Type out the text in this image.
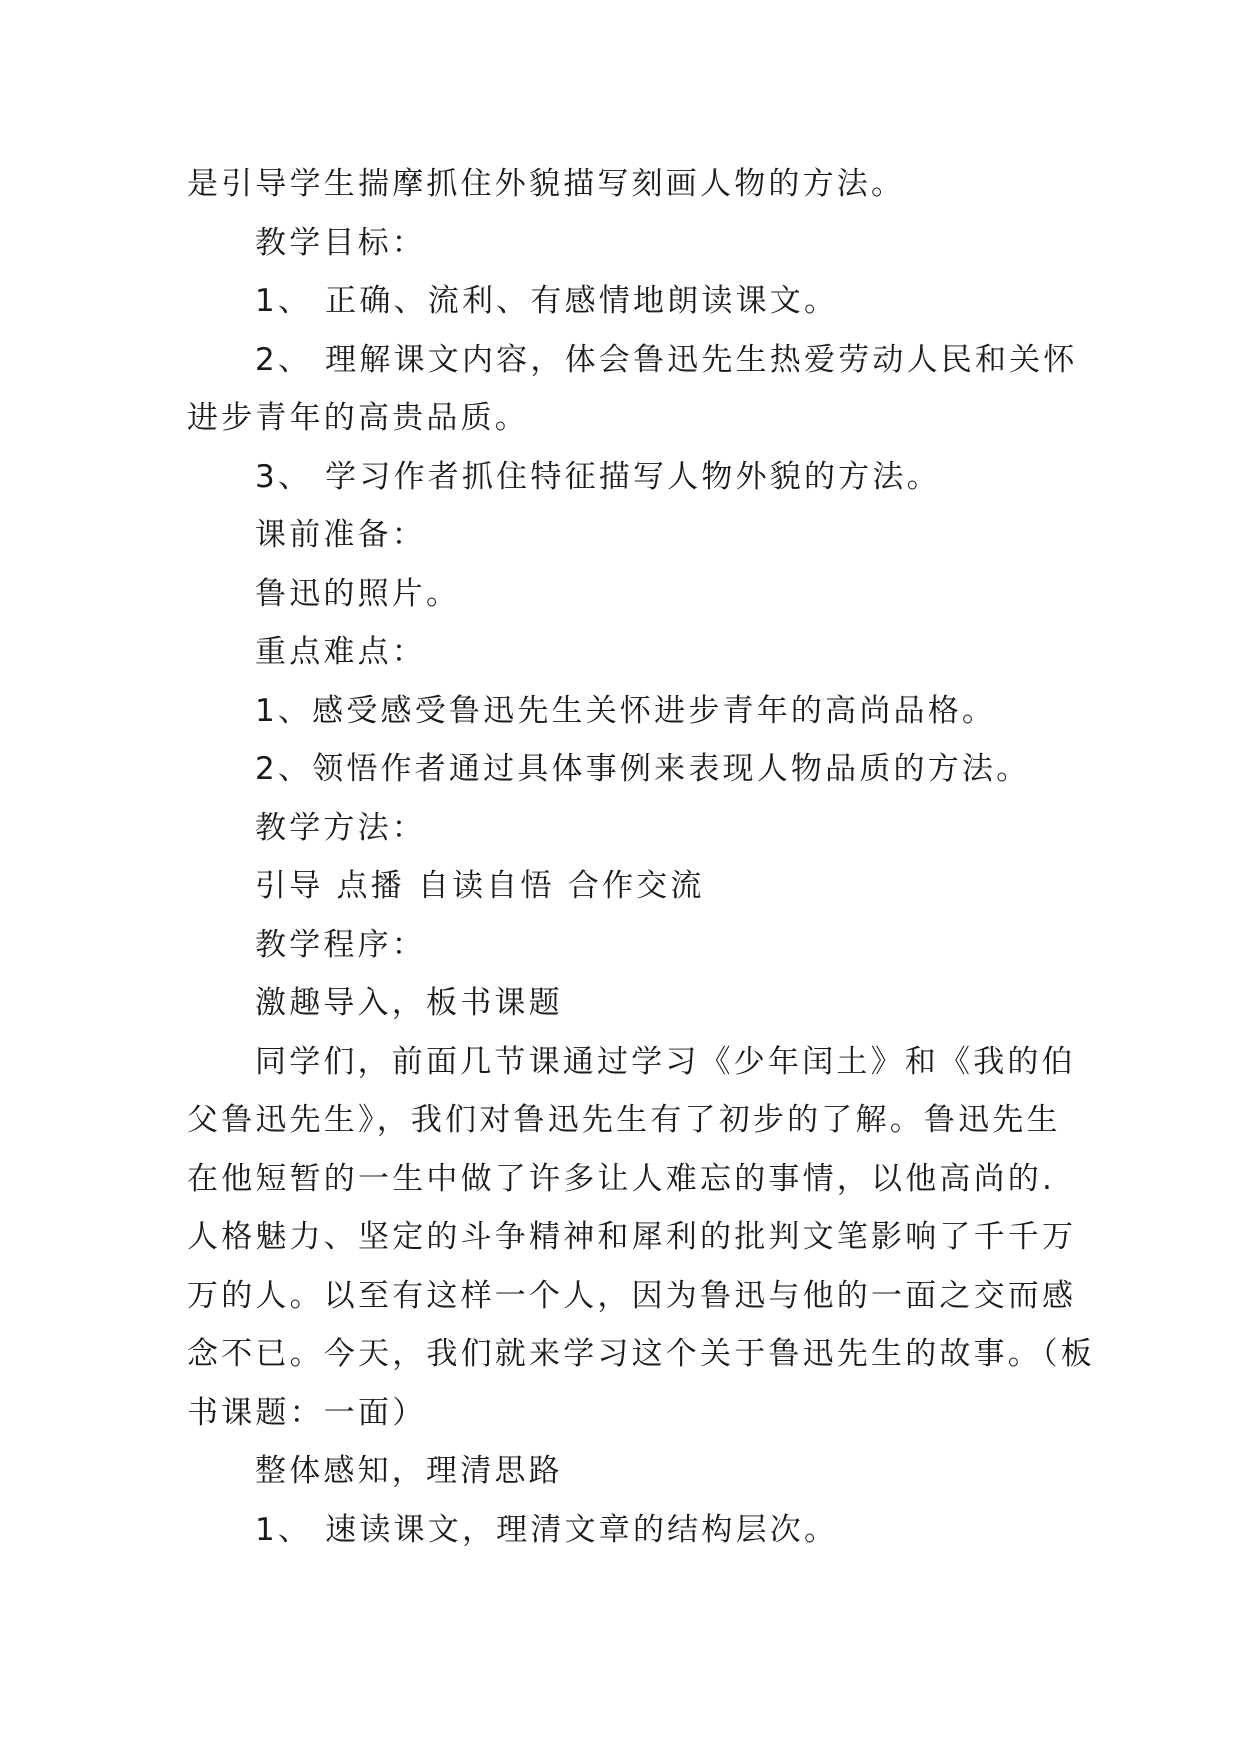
是引导学生揣摩抓住外貌描写刻画人物的方法。
教学目标：
1、 正确、流利、有感情地朗读课文。
2、 理解课文内容，体会鲁迅先生热爱劳动人民和关怀
进步青年的高贵品质。
3、 学习作者抓住特征描写人物外貌的方法。
课前准备：
鲁迅的照片。
重点难点：
1、感受感受鲁迅先生关怀进步青年的高尚品格。
2、领悟作者通过具体事例来表现人物品质的方法。
教学方法：
引导 点播 自读自悟 合作交流
教学程序：
激趣导入，板书课题
同学们，前面几节课通过学习《少年闰土》和《我的伯
父鲁迅先生》，我们对鲁迅先生有了初步的了解。鲁迅先生
在他短暂的一生中做了许多让人难忘的事情，以他高尚的.
人格魅力、坚定的斗争精神和犀利的批判文笔影响了千千万
万的人。以至有这样一个人，因为鲁迅与他的一面之交而感
念不已。今天，我们就来学习这个关于鲁迅先生的故事。（板
书课题：一面）
整体感知，理清思路
1、 速读课文，理清文章的结构层次。
